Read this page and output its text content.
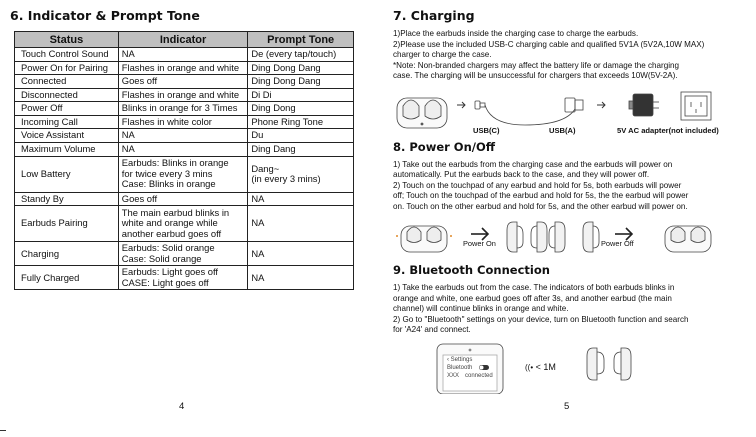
6. Indicator & Prompt Tone
Status	Indicator	Prompt Tone

Touch Control Sound	NA	De (every tap/touch)

Power On for Pairing	Flashes in orange and white	Ding Dong Dang

Connected	Goes off	Ding Dong Dang

Disconnected	Flashes in orange and white	Di Di

Power Off	Blinks in orange for 3 Times	Ding Dong

Incoming Call	Flashes in white color	Phone Ring Tone

Voice Assistant	NA	Du

Maximum Volume	NA	Ding Dang

Low Battery	Earbuds: Blinks in orange
for twice every 3 mins
Case: Blinks in orange	Dang~
(in every 3 mins)

Standy By	Goes off	NA

Earbuds Pairing	The main earbud blinks in
white and orange while
another earbud goes off	NA

Charging	Earbuds: Solid orange
Case: Solid orange	NA

Fully Charged	Earbuds: Light goes off
CASE: Light goes off	NA
4
7. Charging
1)Place the earbuds inside the charging case to charge the earbuds.
2)Please use the included USB-C charging cable and qualified 5V1A (5V2A,10W MAX)
charger to charge the case.
*Note: Non-branded chargers may affect the battery life or damage the charging
case. The charging will be unsuccessful for chargers that exceeds 10W(5V-2A).
USB(C)	USB(A)	5V AC adapter(not included)
8. Power On/Off
1) Take out the earbuds from the charging case and the earbuds will power on
automatically. Put the earbuds back to the case, and they will power off.
2) Touch on the touchpad of any earbud and hold for 5s, both earbuds will power
off; Touch on the touchpad of the earbud and hold for 5s, the the earbud will power
on. Touch on the other earbud and hold for 5s, and the other earbud will power on.
Power On	Power Off
9. Bluetooth Connection
1) Take the earbuds out from the case. The indicators of both earbuds blinks in
orange and white, one earbud goes off after 3s, and another earbud (the main
channel) will continue blinks in orange and white.
2) Go to "Bluetooth" settings on your device, turn on Bluetooth function and search
for 'A24' and connect.
‹ Settings
Bluetooth
XXX connected
((• < 1M
5
